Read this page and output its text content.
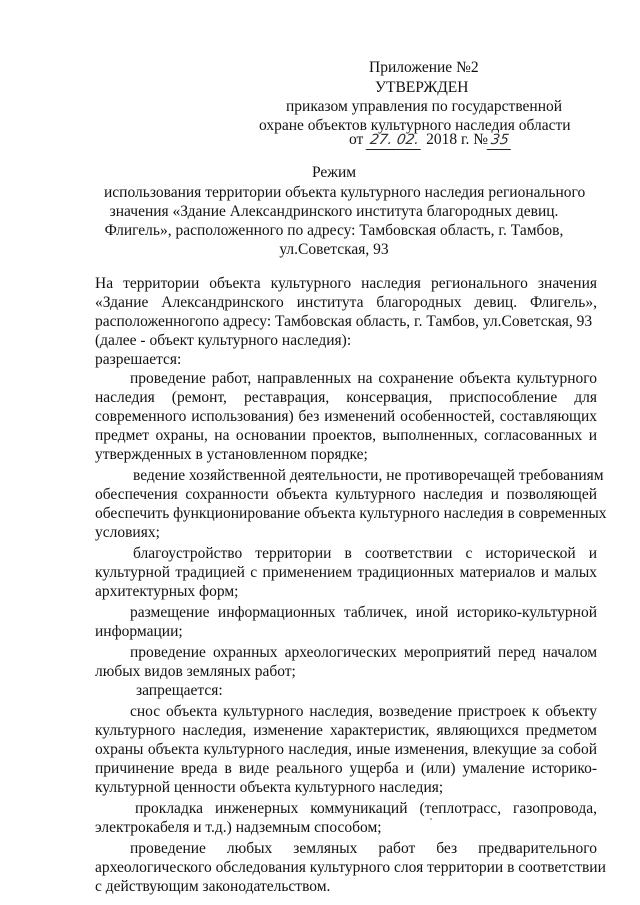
Приложение №2
УТВЕРЖДЕН
приказом управления по государственной
охране объектов культурного наследия области
от 27. 02. 2018 г. № 35
Режим
использования территории объекта культурного наследия регионального
значения «Здание Александринского института благородных девиц.
Флигель», расположенного по адресу: Тамбовская область, г. Тамбов,
ул.Советская, 93
На территории объекта культурного наследия регионального значения
«Здание Александринского института благородных девиц. Флигель»,
расположенногопо адресу: Тамбовская область, г. Тамбов, ул.Советская, 93
(далее - объект культурного наследия):
разрешается:
проведение работ, направленных на сохранение объекта культурного
наследия (ремонт, реставрация, консервация, приспособление для
современного использования) без изменений особенностей, составляющих
предмет охраны, на основании проектов, выполненных, согласованных и
утвержденных в установленном порядке;
ведение хозяйственной деятельности, не противоречащей требованиям
обеспечения сохранности объекта культурного наследия и позволяющей
обеспечить функционирование объекта культурного наследия в современных
условиях;
благоустройство территории в соответствии с исторической и
культурной традицией с применением традиционных материалов и малых
архитектурных форм;
размещение информационных табличек, иной историко-культурной
информации;
проведение охранных археологических мероприятий перед началом
любых видов земляных работ;
запрещается:
снос объекта культурного наследия, возведение пристроек к объекту
культурного наследия, изменение характеристик, являющихся предметом
охраны объекта культурного наследия, иные изменения, влекущие за собой
причинение вреда в виде реального ущерба и (или) умаление историко-
культурной ценности объекта культурного наследия;
прокладка инженерных коммуникаций (теплотрасс, газопровода,
электрокабеля и т.д.) надземным способом;
проведение любых земляных работ без предварительного
археологического обследования культурного слоя территории в соответствии
с действующим законодательством.
